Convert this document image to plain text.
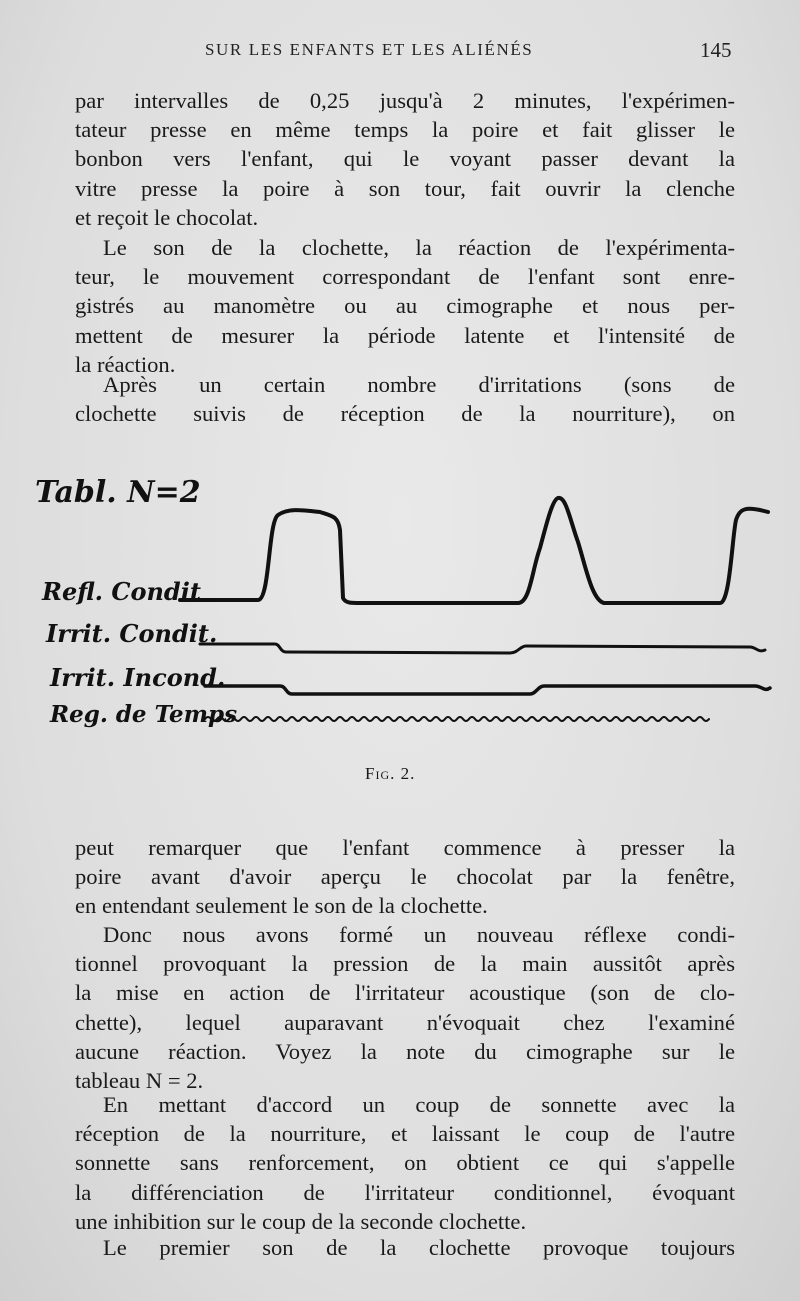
SUR LES ENFANTS ET LES ALIÉNÉS	145

par intervalles de 0,25 jusqu'à 2 minutes, l'expérimen-
tateur presse en même temps la poire et fait glisser le
bonbon vers l'enfant, qui le voyant passer devant la
vitre presse la poire à son tour, fait ouvrir la clenche
et reçoit le chocolat.

Le son de la clochette, la réaction de l'expérimenta-
teur, le mouvement correspondant de l'enfant sont enre-
gistrés au manomètre ou au cimographe et nous per-
mettent de mesurer la période latente et l'intensité de
la réaction.

Après un certain nombre d'irritations (sons de
clochette suivis de réception de la nourriture), on

Tabl. N=2
Refl. Condit
Irrit. Condit.
Irrit. Incond.
Reg. de Temps
Fig. 2.

peut remarquer que l'enfant commence à presser la
poire avant d'avoir aperçu le chocolat par la fenêtre,
en entendant seulement le son de la clochette.

Donc nous avons formé un nouveau réflexe condi-
tionnel provoquant la pression de la main aussitôt après
la mise en action de l'irritateur acoustique (son de clo-
chette), lequel auparavant n'évoquait chez l'examiné
aucune réaction. Voyez la note du cimographe sur le
tableau N = 2.

En mettant d'accord un coup de sonnette avec la
réception de la nourriture, et laissant le coup de l'autre
sonnette sans renforcement, on obtient ce qui s'appelle
la différenciation de l'irritateur conditionnel, évoquant
une inhibition sur le coup de la seconde clochette.

Le premier son de la clochette provoque toujours
